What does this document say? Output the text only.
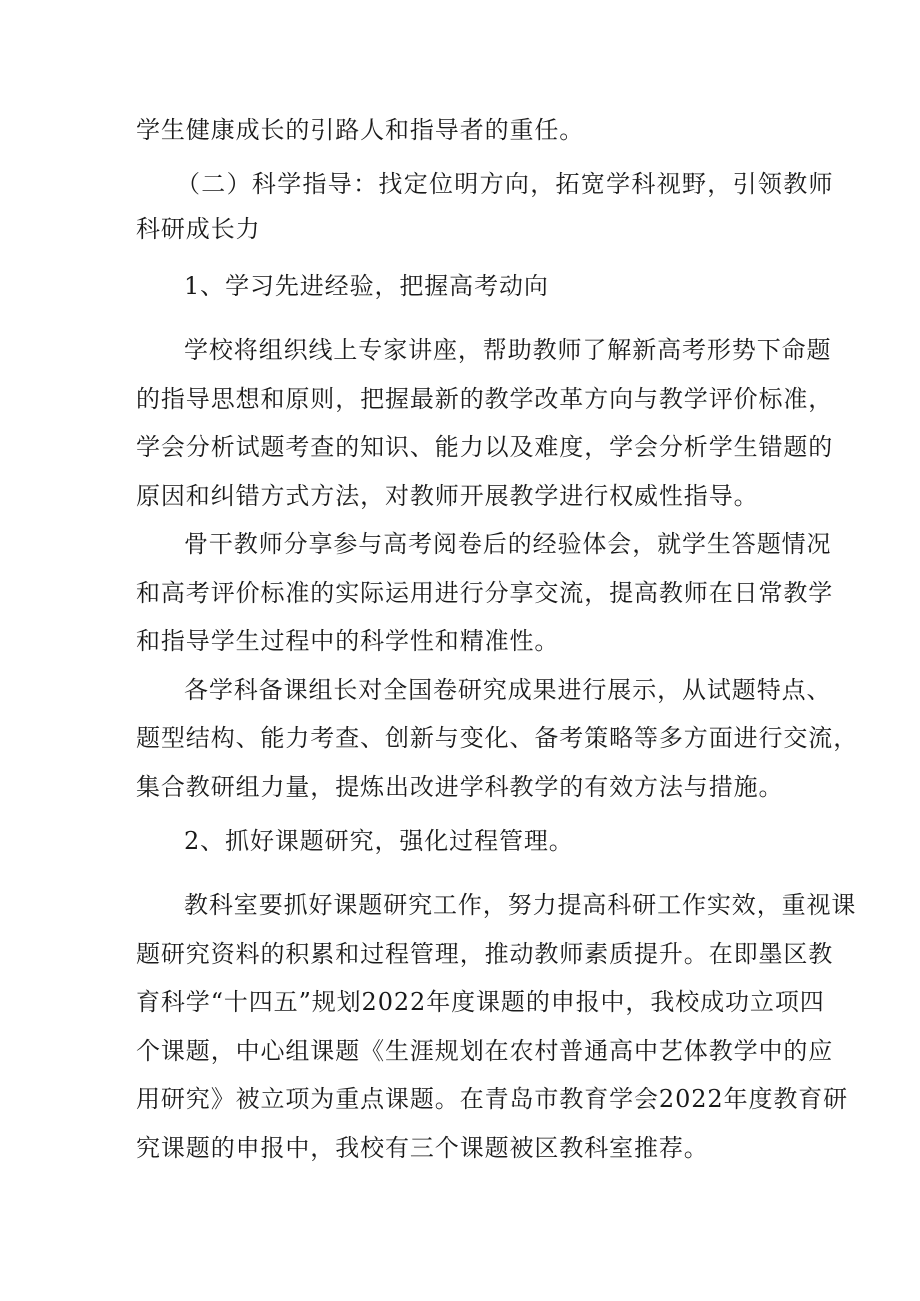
学生健康成长的引路人和指导者的重任。
（二）科学指导：找定位明方向，拓宽学科视野，引领教师
科研成长力
1、学习先进经验，把握高考动向
学校将组织线上专家讲座，帮助教师了解新高考形势下命题
的指导思想和原则，把握最新的教学改革方向与教学评价标准，
学会分析试题考查的知识、能力以及难度，学会分析学生错题的
原因和纠错方式方法，对教师开展教学进行权威性指导。
骨干教师分享参与高考阅卷后的经验体会，就学生答题情况
和高考评价标准的实际运用进行分享交流，提高教师在日常教学
和指导学生过程中的科学性和精准性。
各学科备课组长对全国卷研究成果进行展示，从试题特点、
题型结构、能力考查、创新与变化、备考策略等多方面进行交流，
集合教研组力量，提炼出改进学科教学的有效方法与措施。
2、抓好课题研究，强化过程管理。
教科室要抓好课题研究工作，努力提高科研工作实效，重视课
题研究资料的积累和过程管理，推动教师素质提升。在即墨区教
育科学“十四五”规划2022年度课题的申报中，我校成功立项四
个课题，中心组课题《生涯规划在农村普通高中艺体教学中的应
用研究》被立项为重点课题。在青岛市教育学会2022年度教育研
究课题的申报中，我校有三个课题被区教科室推荐。
